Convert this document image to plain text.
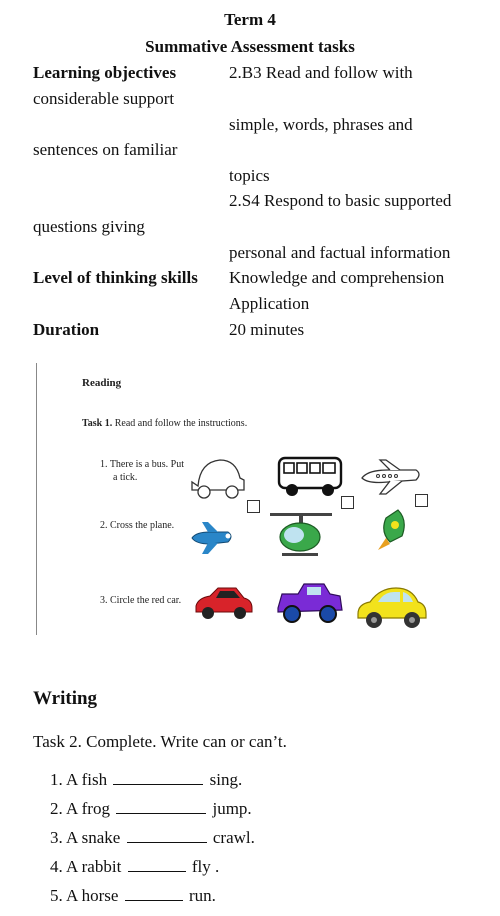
Term 4
Summative Assessment tasks
Learning objectives	2.B3 Read and follow with
considerable support
simple, words, phrases and
sentences on familiar
topics
2.S4 Respond to basic supported
questions giving
personal and factual information
Level of thinking skills Knowledge and comprehension
Application
Duration	20 minutes
Reading
Task 1. Read and follow the instructions.
1. There is a bus. Put
a tick.
2. Cross the plane.
3. Circle the red car.
Writing
Task 2. Complete. Write can or can’t.
1. A fish	sing.
2. A frog	jump.
3. A snake	crawl.
4. A rabbit	fly .
5. A horse	run.
